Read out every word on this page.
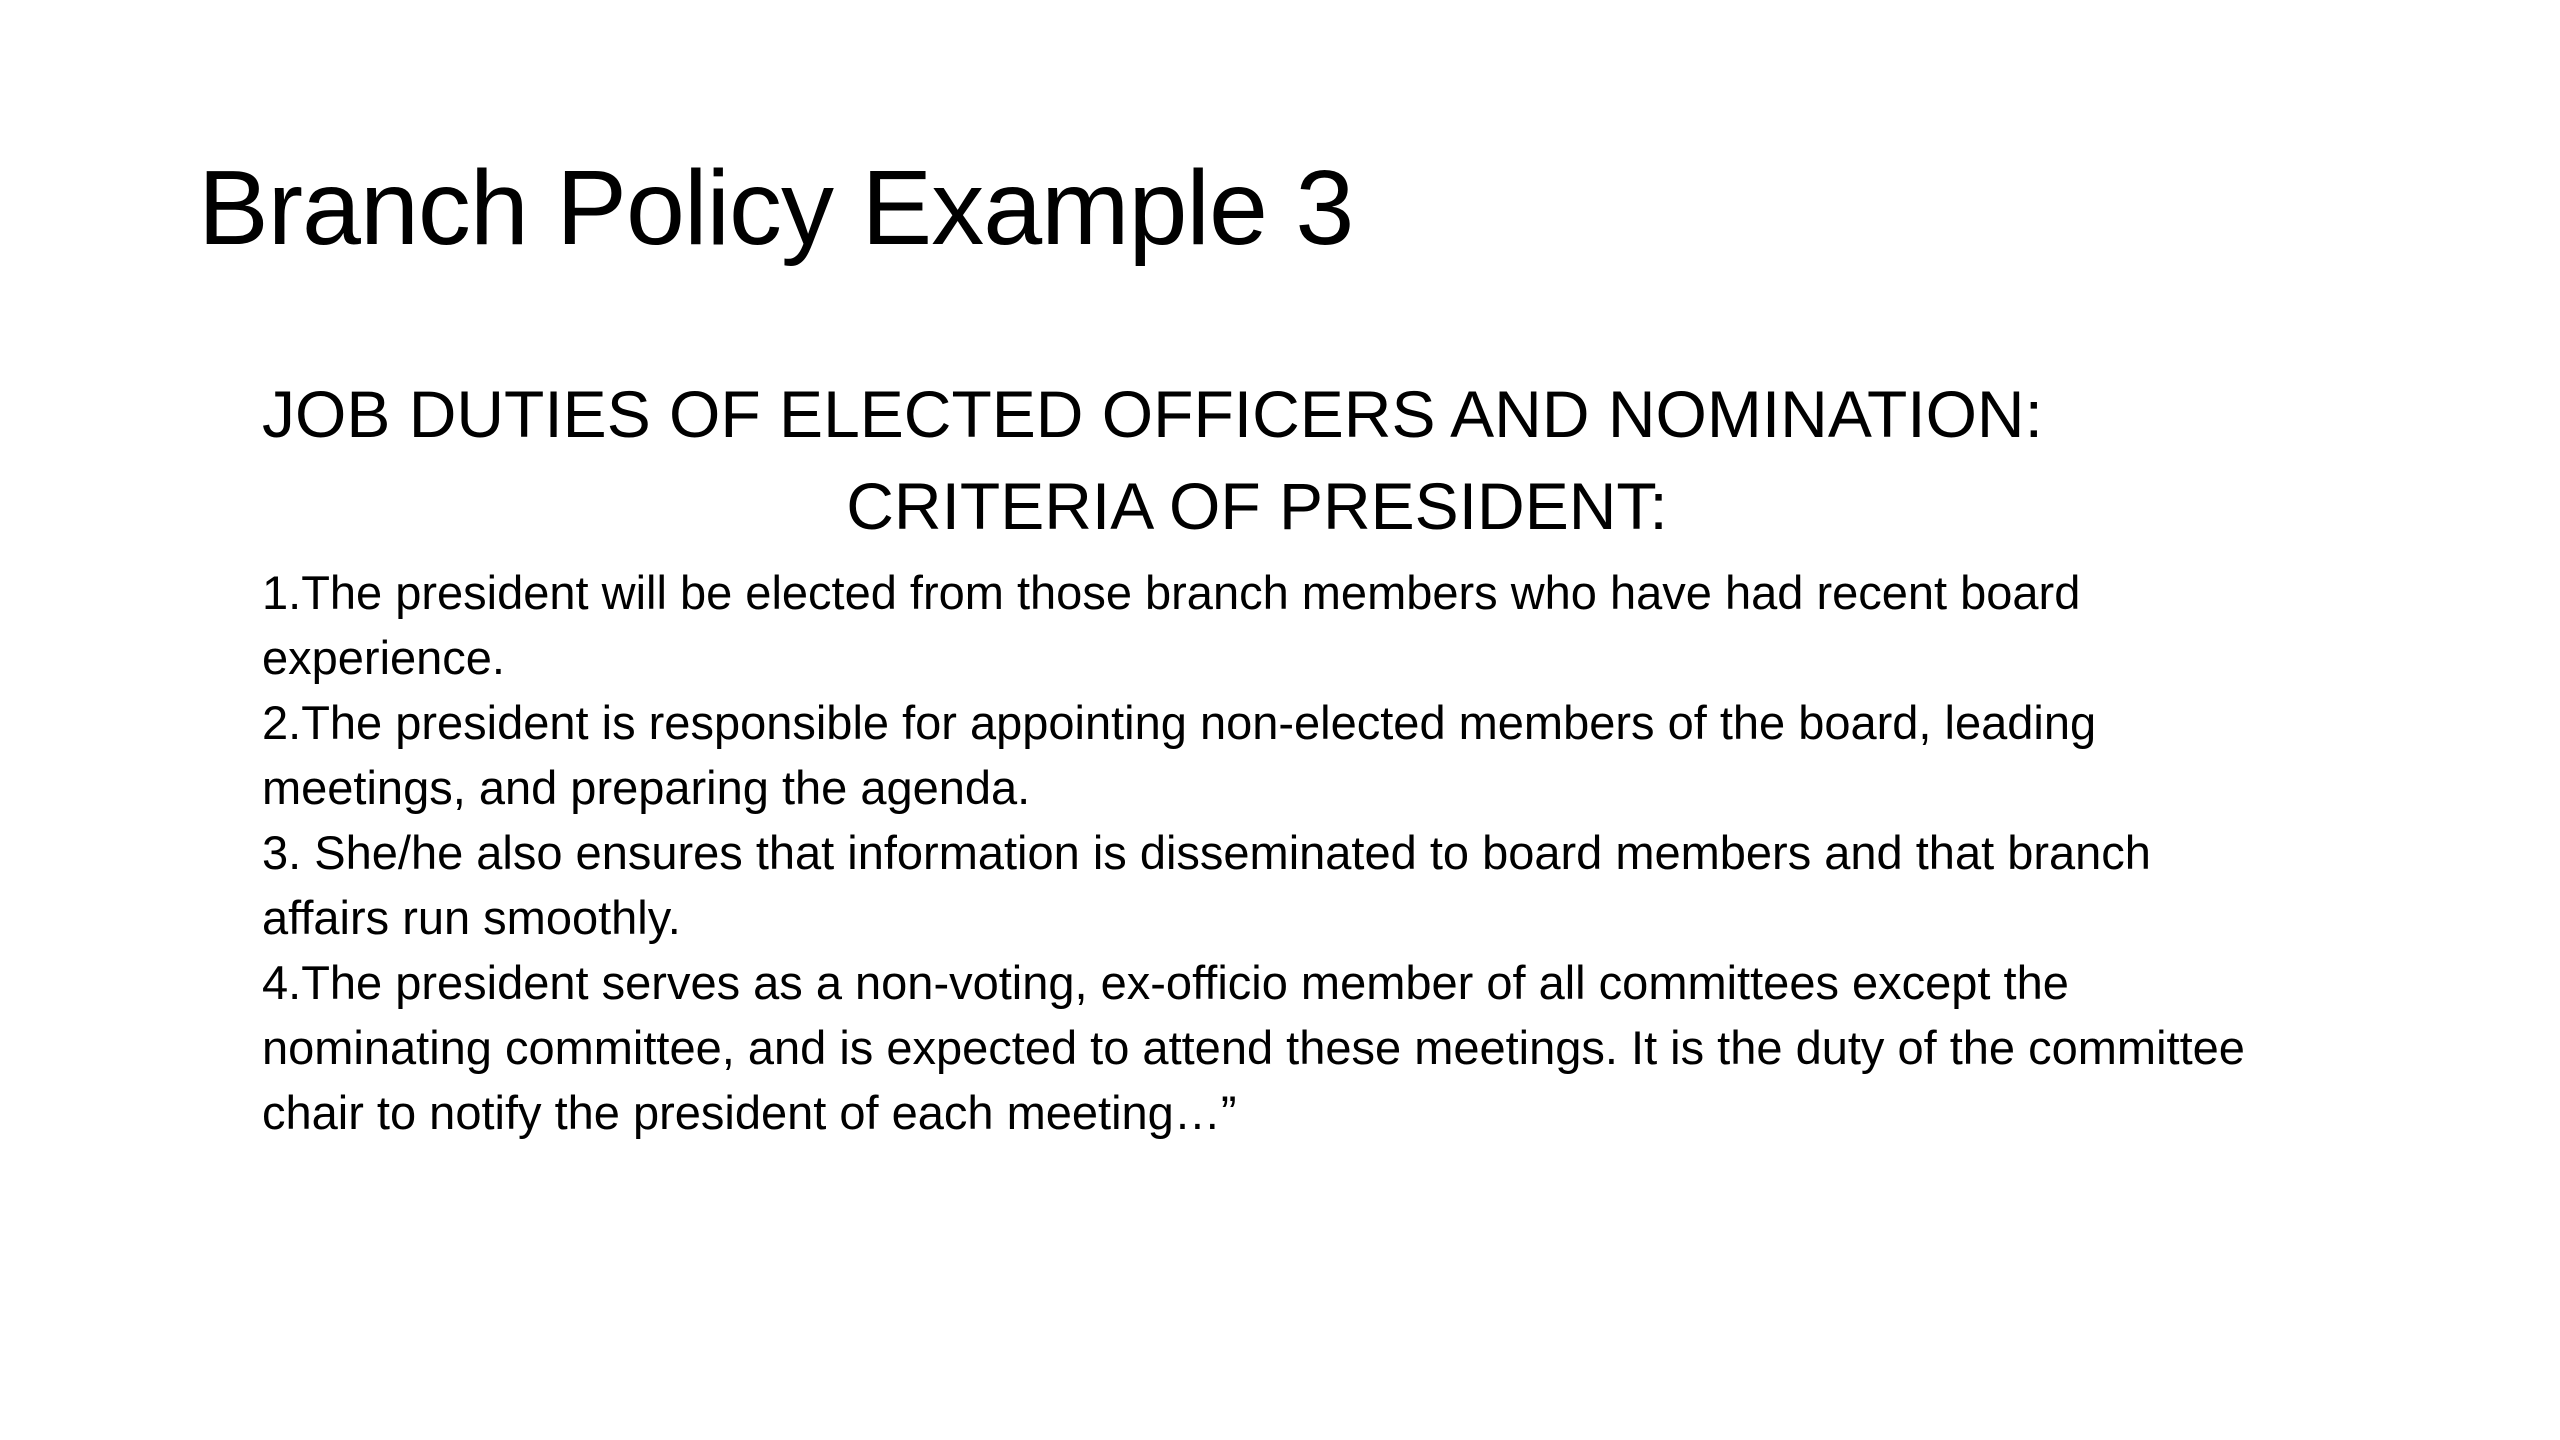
Branch Policy Example 3

JOB DUTIES OF ELECTED OFFICERS AND NOMINATION:

CRITERIA OF PRESIDENT:

1.The president will be elected from those branch members who have had recent board experience.
2.The president is responsible for appointing non-elected members of the board, leading meetings, and preparing the agenda.
3. She/he also ensures that information is disseminated to board members and that branch affairs run smoothly.
4.The president serves as a non-voting, ex-officio member of all committees except the nominating committee, and is expected to attend these meetings. It is the duty of the committee chair to notify the president of each meeting…”
